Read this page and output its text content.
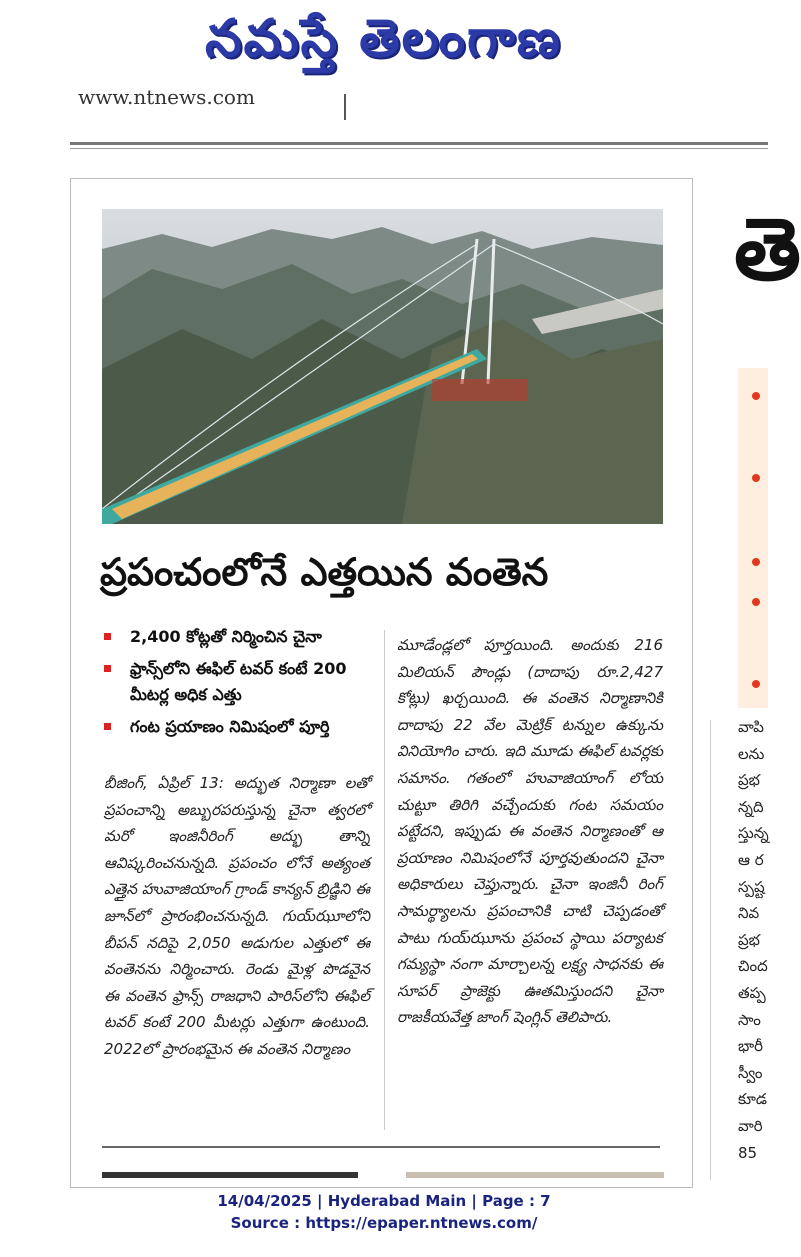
నమస్తే తెలంగాణ
www.ntnews.com
ప్రపంచంలోనే ఎత్తయిన వంతెన
2,400 కోట్లతో నిర్మించిన చైనా
ఫ్రాన్స్‌లోని ఈఫిల్ టవర్ కంటే 200 మీటర్ల అధిక ఎత్తు
గంట ప్రయాణం నిమిషంలో పూర్తి
బీజింగ్, ఏప్రిల్ 13: అద్భుత నిర్మాణా లతో ప్రపంచాన్ని అబ్బురపరుస్తున్న చైనా త్వరలో మరో ఇంజినీరింగ్ అద్భు తాన్ని ఆవిష్కరించనున్నది. ప్రపంచం లోనే అత్యంత ఎత్తైన హువాజియాంగ్ గ్రాండ్ కాన్యన్ బ్రిడ్జిని ఈ జూన్‌లో ప్రారంభించనున్నది. గుయ్‌ఝూలోని బీపన్ నదిపై 2,050 అడుగుల ఎత్తులో ఈ వంతెనను నిర్మించారు. రెండు మైళ్ల పొడవైన ఈ వంతెన ఫ్రాన్స్ రాజధాని పారిస్‌లోని ఈఫిల్ టవర్ కంటే 200 మీటర్లు ఎత్తుగా ఉంటుంది. 2022లో ప్రారంభమైన ఈ వంతెన నిర్మాణం
మూడేండ్లలో పూర్తయింది. అందుకు 216 మిలియన్ పౌండ్లు (దాదాపు రూ.2,427 కోట్లు) ఖర్చయింది. ఈ వంతెన నిర్మాణానికి దాదాపు 22 వేల మెట్రిక్ టన్నుల ఉక్కును వినియోగిం చారు. ఇది మూడు ఈఫిల్ టవర్లకు సమానం. గతంలో హువాజియాంగ్ లోయ చుట్టూ తిరిగి వచ్చేందుకు గంట సమయం పట్టేదని, ఇప్పుడు ఈ వంతెన నిర్మాణంతో ఆ ప్రయాణం నిమిషంలోనే పూర్తవుతుందని చైనా అధికారులు చెప్తున్నారు. చైనా ఇంజినీ రింగ్ సామర్థ్యాలను ప్రపంచానికి చాటి చెప్పడంతో పాటు గుయ్‌ఝూను ప్రపంచ స్థాయి పర్యాటక గమ్యస్థా నంగా మార్చాలన్న లక్ష్య సాధనకు ఈ సూపర్ ప్రాజెక్టు ఊతమిస్తుందని చైనా రాజకీయవేత్త జాంగ్ షెంగ్లిన్ తెలిపారు.
తె
వాపి
లను
ప్రభ
న్నది
స్తున్న
ఆ ర
స్పష్ట
నివ
ప్రభ
చింద
తప్ప
సాం
భారీ
స్వీం
కూడ
వారి
85
14/04/2025 | Hyderabad Main | Page : 7
Source : https://epaper.ntnews.com/
